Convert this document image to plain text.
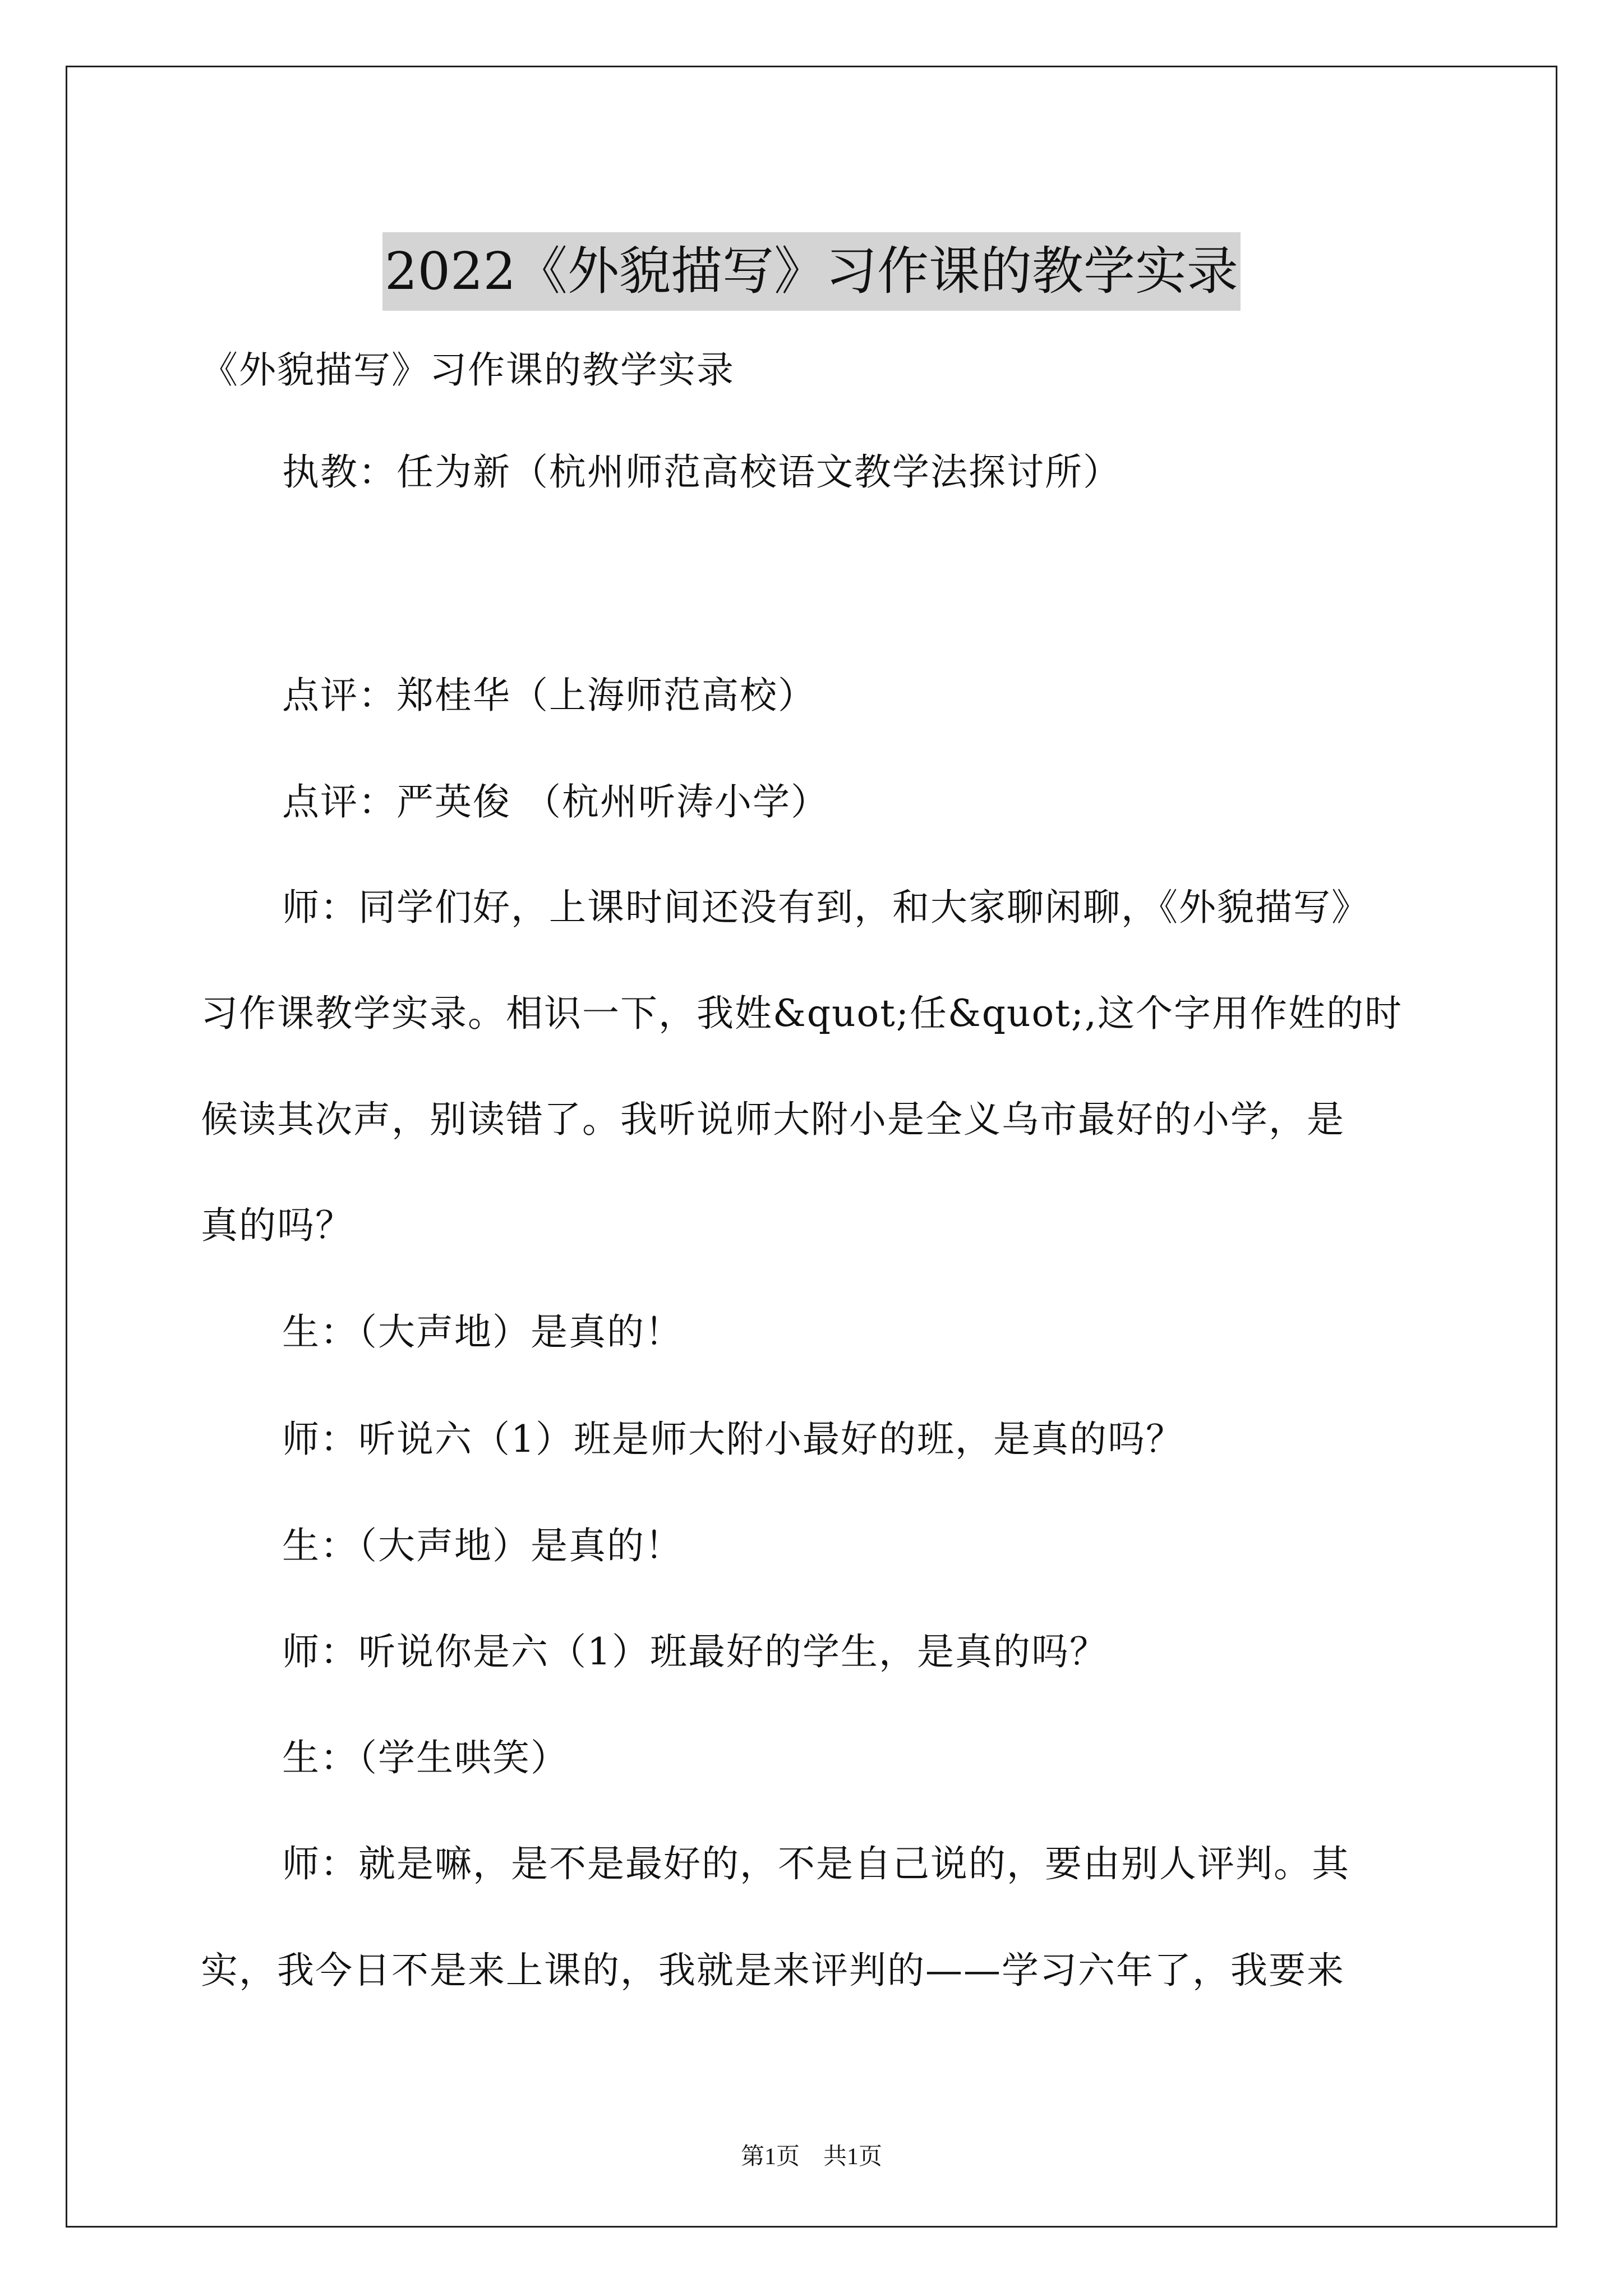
2022《外貌描写》习作课的教学实录
《外貌描写》习作课的教学实录
执教：任为新（杭州师范高校语文教学法探讨所）
点评：郑桂华（上海师范高校）
点评：严英俊 （杭州听涛小学）
师：同学们好，上课时间还没有到，和大家聊闲聊，《外貌描写》
习作课教学实录。相识一下，我姓&quot;任&quot;,这个字用作姓的时
候读其次声，别读错了。我听说师大附小是全义乌市最好的小学，是
真的吗？
生：（大声地）是真的！
师：听说六（1）班是师大附小最好的班，是真的吗？
生：（大声地）是真的！
师：听说你是六（1）班最好的学生，是真的吗？
生：（学生哄笑）
师：就是嘛，是不是最好的，不是自己说的，要由别人评判。其
实，我今日不是来上课的，我就是来评判的——学习六年了，我要来
第1页　共1页
